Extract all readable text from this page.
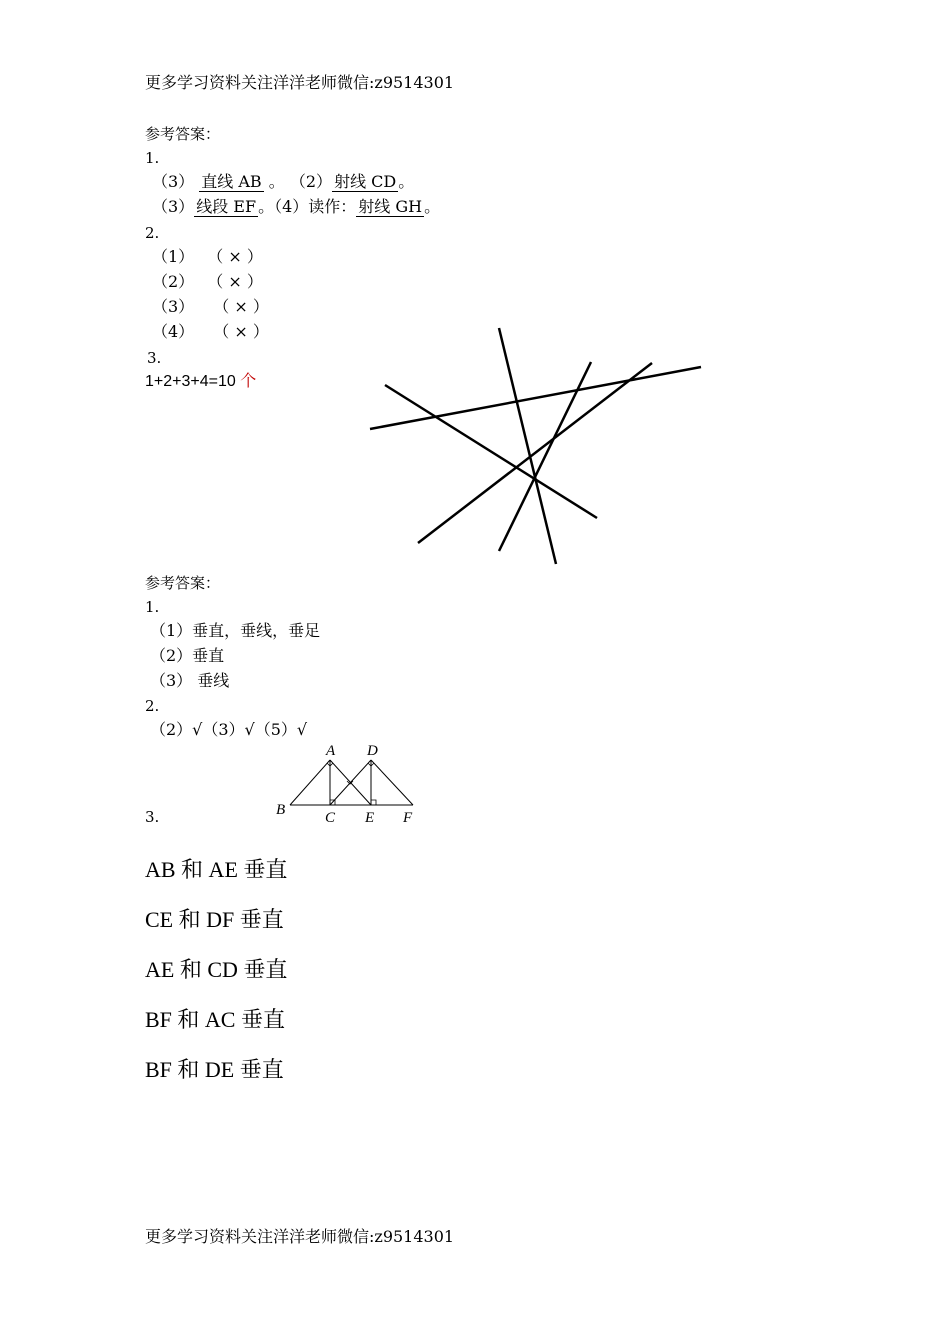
更多学习资料关注洋洋老师微信:z9514301
参考答案：
1.
（3） 直线 AB 。 （2） 射线 CD 。
（3） 线段 EF 。（4）读作： 射线 GH 。
2.
（1） （ × ）
（2） （ × ）
（3） （ × ）
（4） （ × ）
3.
1+2+3+4=10 个
参考答案：
1.
（1）垂直，垂线，垂足
（2）垂直
（3） 垂线
2.
（2）√（3）√（5）√
3.
A D
B	C E F
AB 和 AE 垂直
CE 和 DF 垂直
AE 和 CD 垂直
BF 和 AC 垂直
BF 和 DE 垂直
更多学习资料关注洋洋老师微信:z9514301
